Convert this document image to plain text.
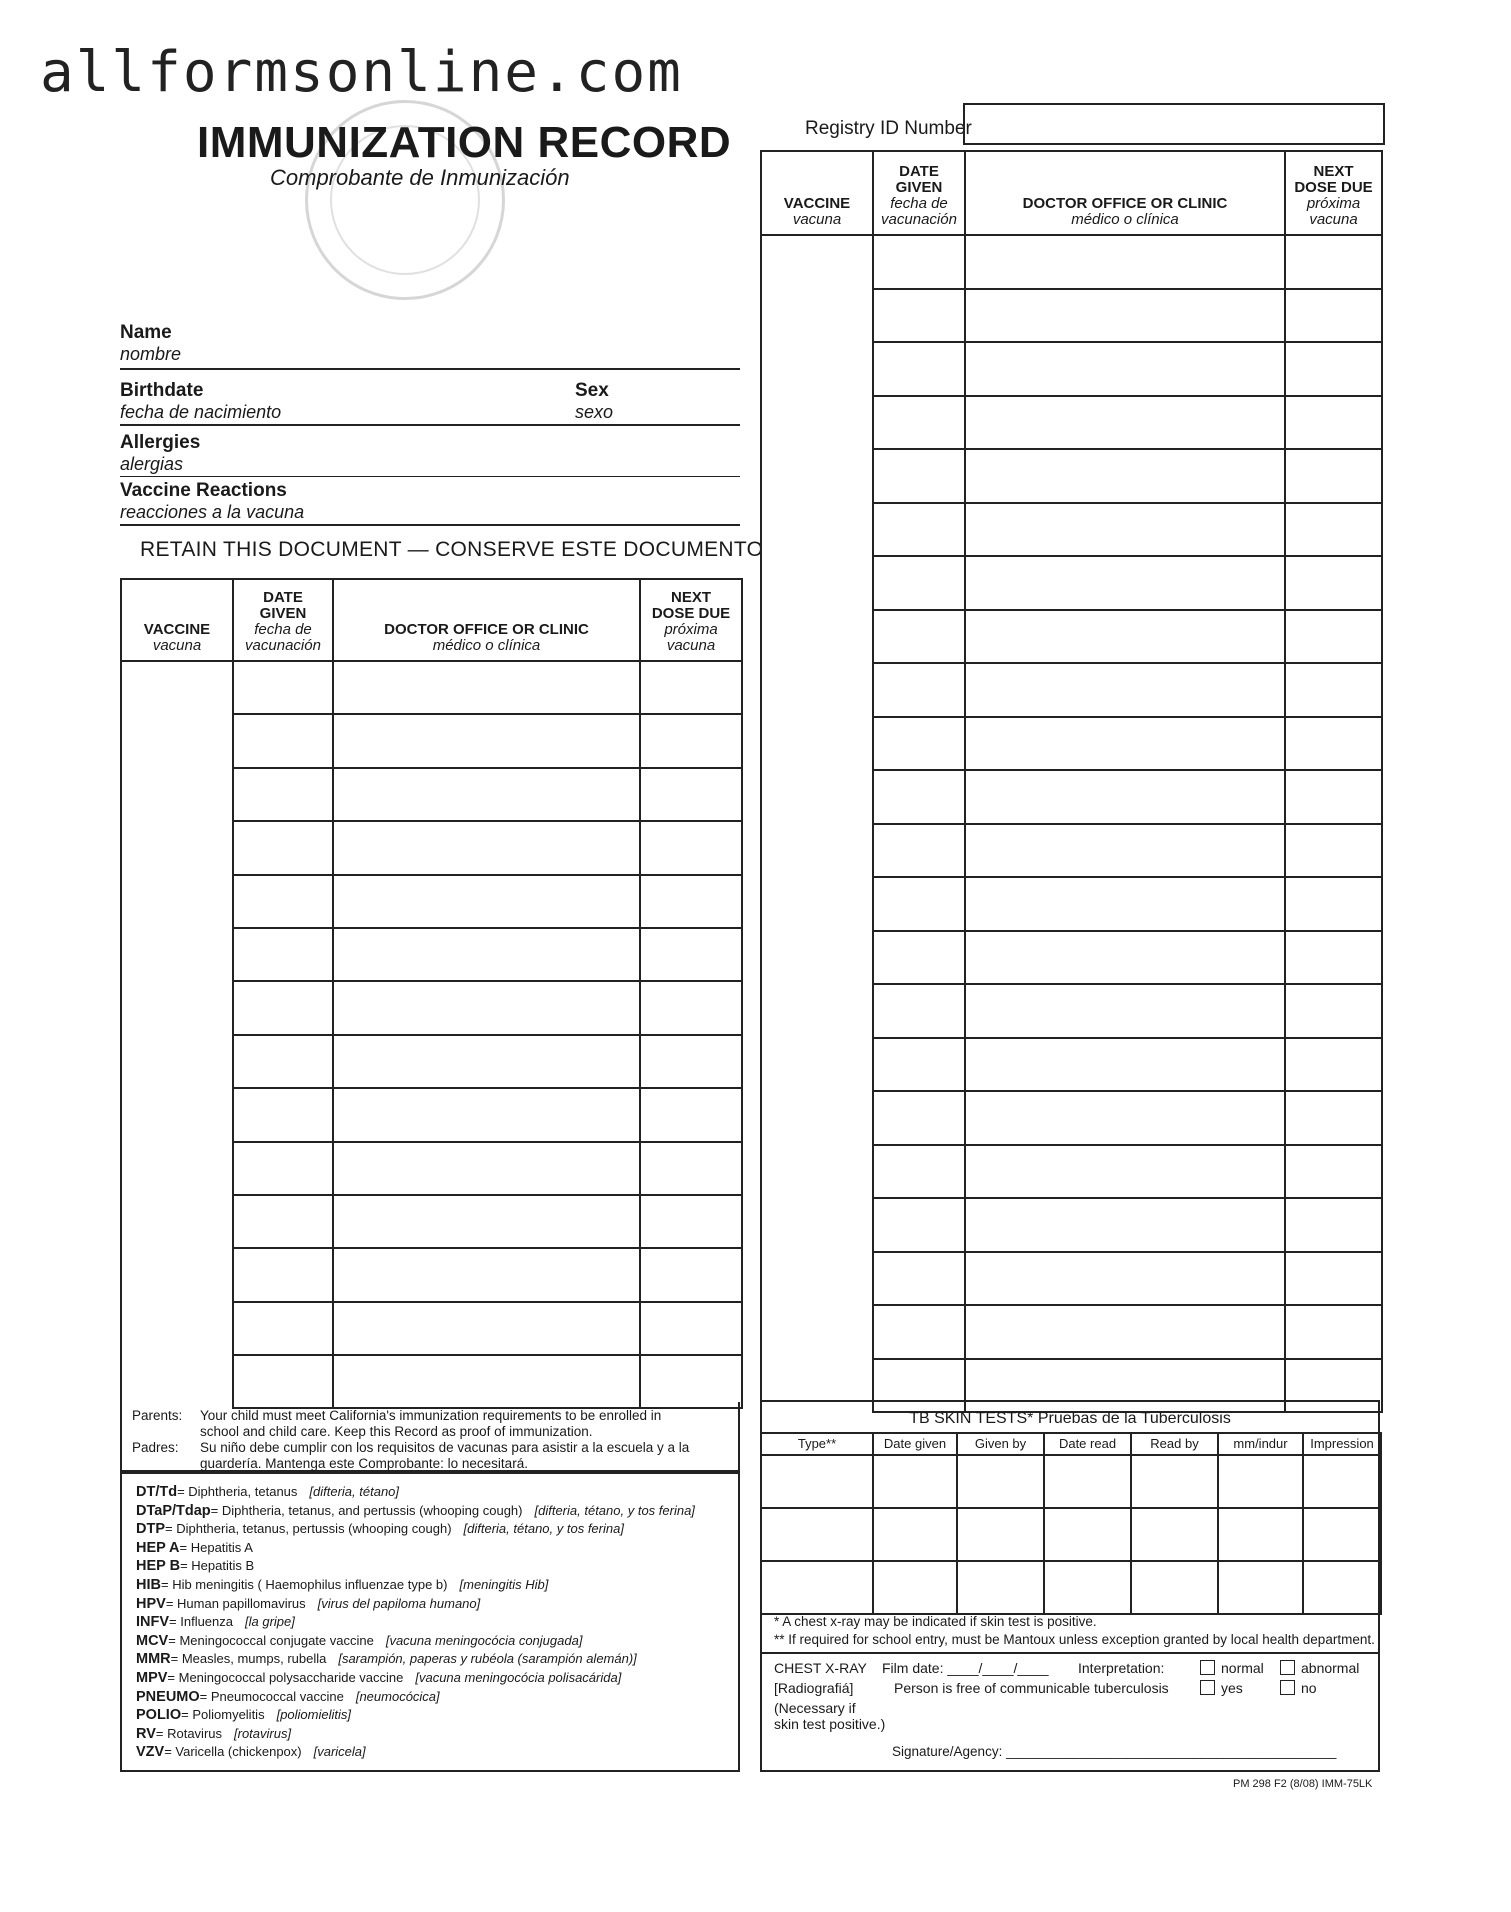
allformsonline.com
IMMUNIZATION RECORD
Comprobante de Inmunización
Name
nombre
Birthdate
fecha de nacimiento
Sex
sexo
Allergies
alergias
Vaccine Reactions
reacciones a la vacuna
RETAIN THIS DOCUMENT — CONSERVE ESTE DOCUMENTO
VACCINE
vacuna	DATE
GIVEN
fecha de
vacunación	DOCTOR OFFICE OR CLINIC
médico o clínica	NEXT
DOSE DUE
próxima
vacuna

Parents: Your child must meet California's immunization requirements to be enrolled in
school and child care. Keep this Record as proof of immunization.
Padres: Su niño debe cumplir con los requisitos de vacunas para asistir a la escuela y a la
guardería. Mantenga este Comprobante: lo necesitará.
DT/Td= Diphtheria, tetanus [difteria, tétano]
DTaP/Tdap= Diphtheria, tetanus, and pertussis (whooping cough) [difteria, tétano, y tos ferina]
DTP= Diphtheria, tetanus, pertussis (whooping cough) [difteria, tétano, y tos ferina]
HEP A= Hepatitis A
HEP B= Hepatitis B
HIB= Hib meningitis ( Haemophilus influenzae type b) [meningitis Hib]
HPV= Human papillomavirus [virus del papiloma humano]
INFV= Influenza [la gripe]
MCV= Meningococcal conjugate vaccine [vacuna meningocócia conjugada]
MMR= Measles, mumps, rubella [sarampión, paperas y rubéola (sarampión alemán)]
MPV= Meningococcal polysaccharide vaccine [vacuna meningocócia polisacárida]
PNEUMO= Pneumococcal vaccine [neumocócica]
POLIO= Poliomyelitis [poliomielitis]
RV= Rotavirus [rotavirus]
VZV= Varicella (chickenpox) [varicela]
Registry ID Number
VACCINE
vacuna	DATE
GIVEN
fecha de
vacunación	DOCTOR OFFICE OR CLINIC
médico o clínica	NEXT
DOSE DUE
próxima
vacuna

TB SKIN TESTS* Pruebas de la Tuberculosis
Type**	Date given	Given by	Date read	Read by	mm/indur	Impression

* A chest x-ray may be indicated if skin test is positive.
** If required for school entry, must be Mantoux unless exception granted by local health department.
CHEST X-RAY
[Radiografiá]
(Necessary if
skin test positive.)
Film date: ____/____/____ Interpretation:
Person is free of communicable tuberculosis
normal	abnormal
yes	no
Signature/Agency: ____________________________________________
PM 298 F2 (8/08) IMM-75LK
